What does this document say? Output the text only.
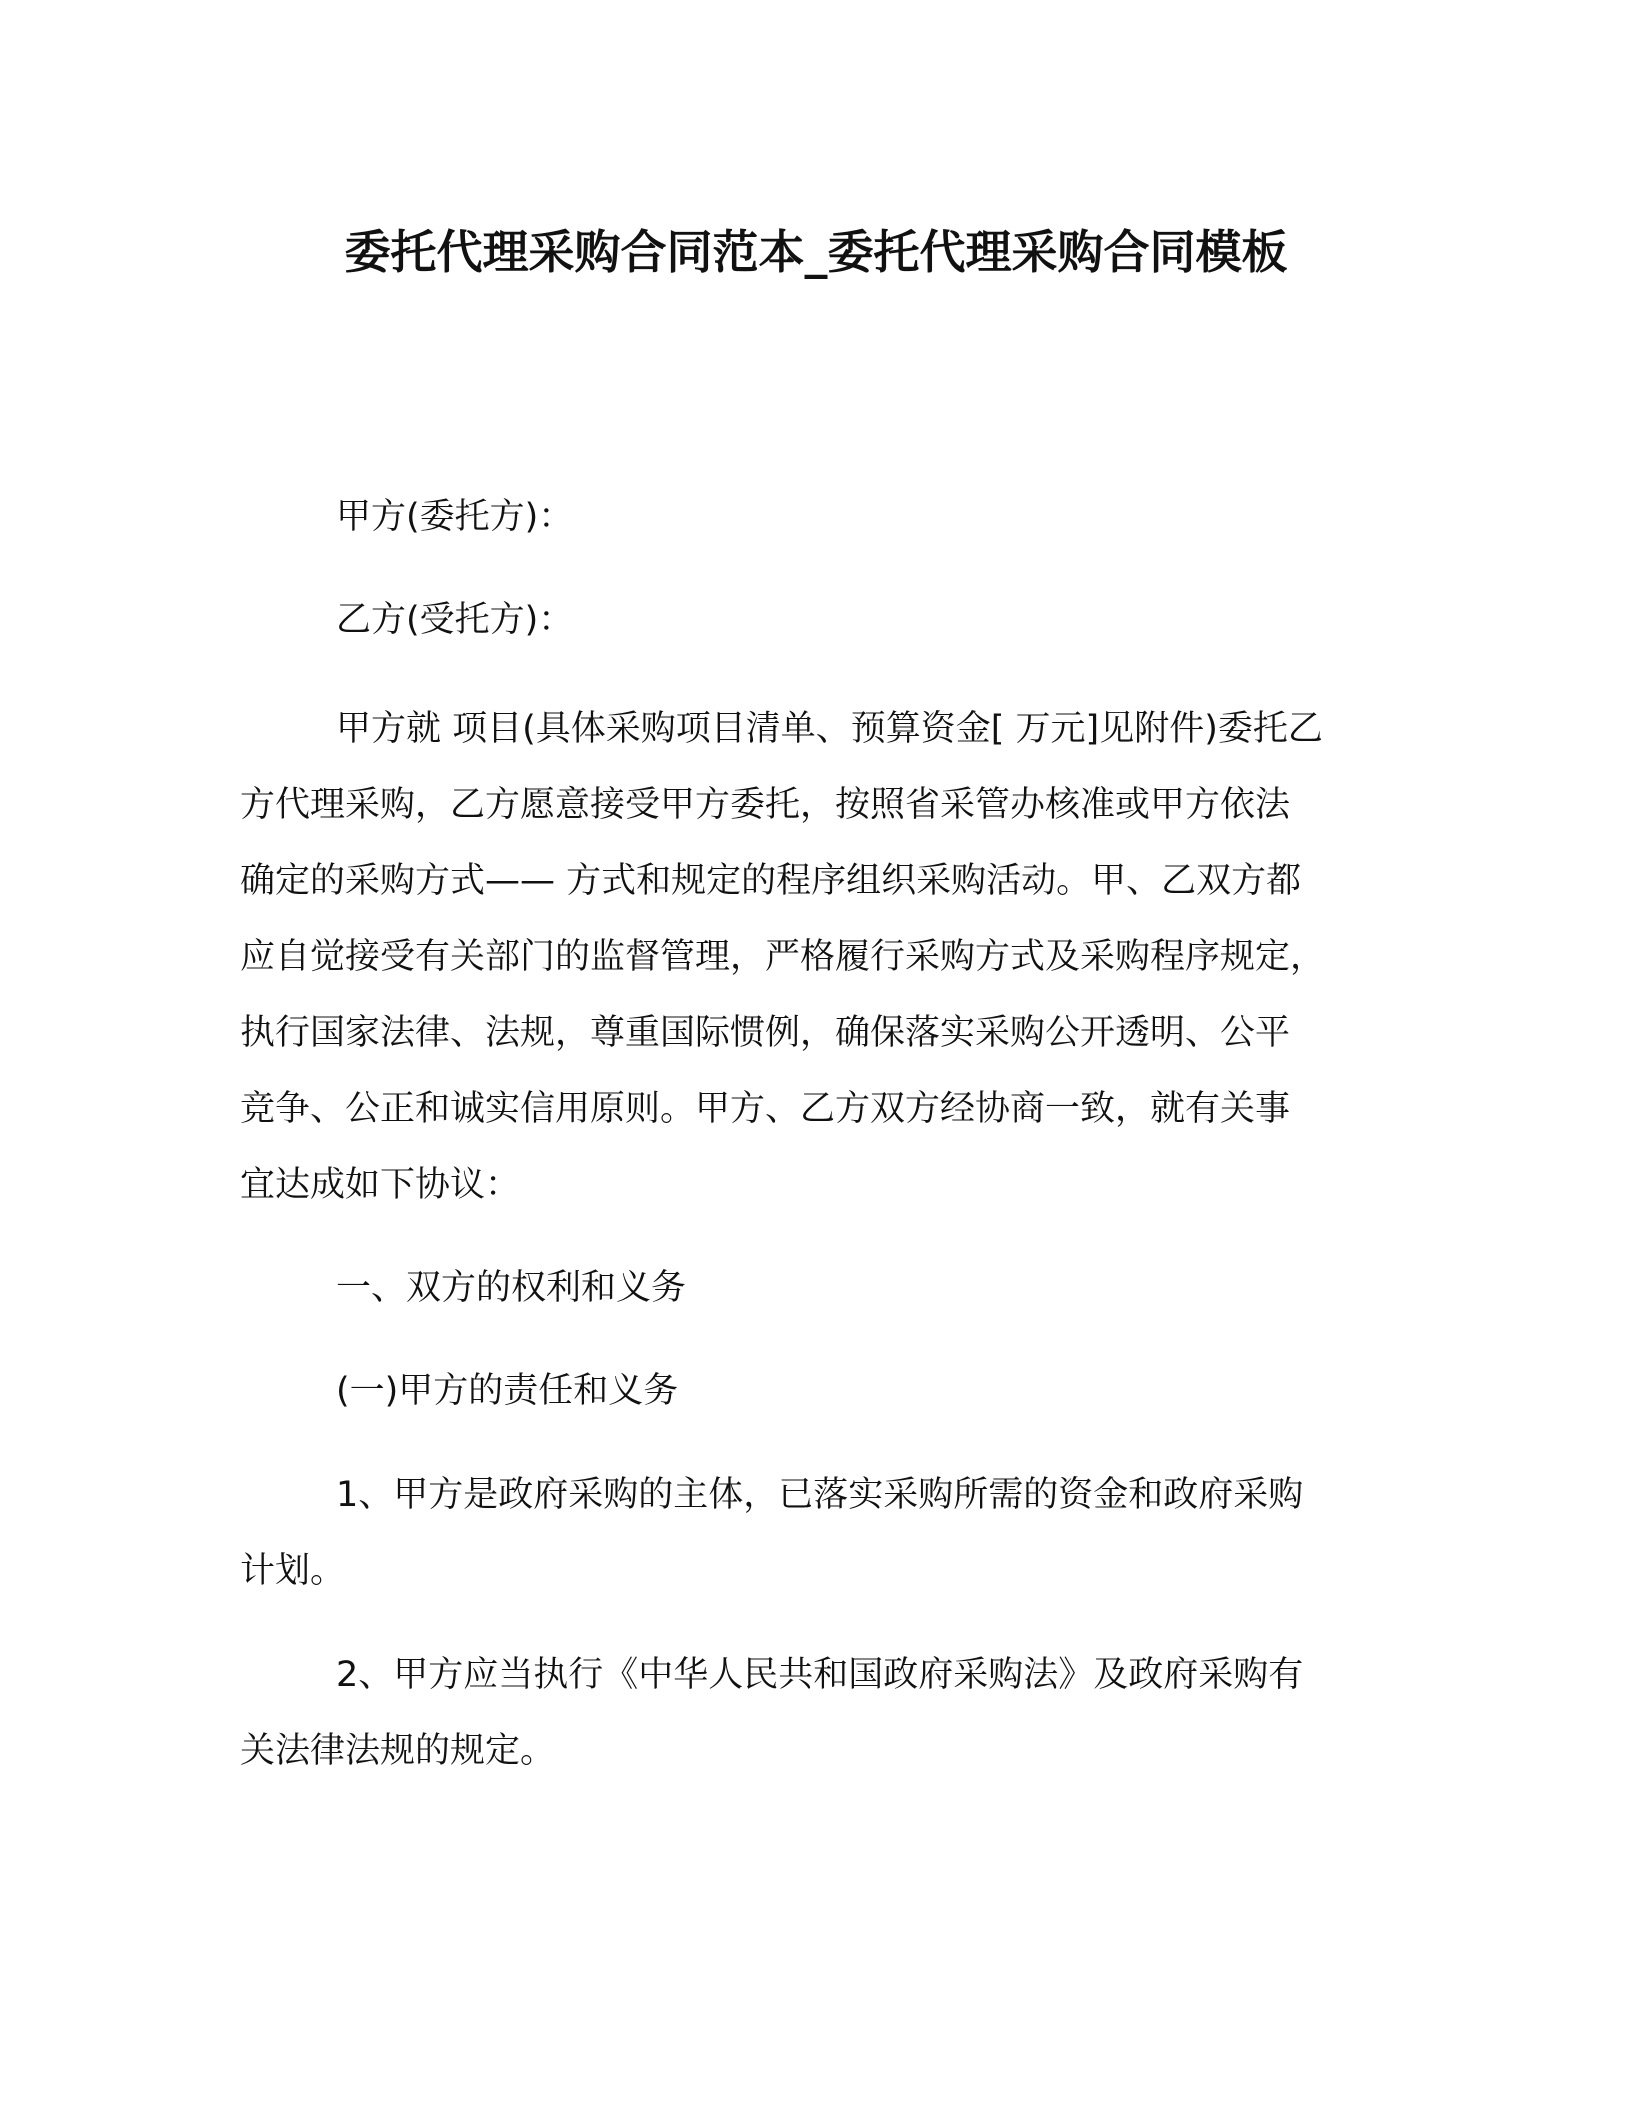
委托代理采购合同范本_委托代理采购合同模板
甲方(委托方)：
乙方(受托方)：
甲方就 项目(具体采购项目清单、预算资金[ 万元]见附件)委托乙
方代理采购，乙方愿意接受甲方委托，按照省采管办核准或甲方依法
确定的采购方式—— 方式和规定的程序组织采购活动。甲、乙双方都
应自觉接受有关部门的监督管理，严格履行采购方式及采购程序规定，
执行国家法律、法规，尊重国际惯例，确保落实采购公开透明、公平
竞争、公正和诚实信用原则。甲方、乙方双方经协商一致，就有关事
宜达成如下协议：
一、双方的权利和义务
(一)甲方的责任和义务
1、甲方是政府采购的主体，已落实采购所需的资金和政府采购
计划。
2、甲方应当执行《中华人民共和国政府采购法》及政府采购有
关法律法规的规定。
